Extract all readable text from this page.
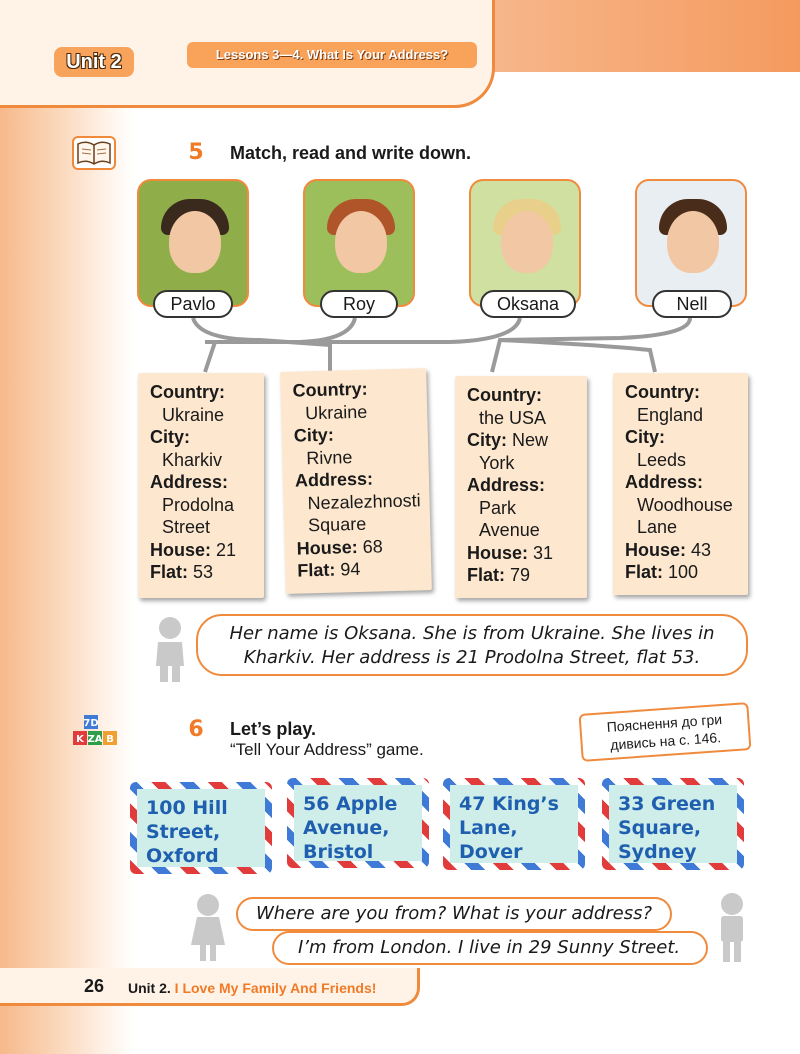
Unit 2	Lessons 3—4. What Is Your Address?
5 Match, read and write down.
Pavlo	Roy	Oksana	Nell
Country:
Ukraine
City:
Kharkiv
Address:
Prodolna
Street
House: 21
Flat: 53
Country:
Ukraine
City:
Rivne
Address:
Nezalezhnosti
Square
House: 68
Flat: 94
Country:
the USA
City: New
York
Address:
Park
Avenue
House: 31
Flat: 79
Country:
England
City:
Leeds
Address:
Woodhouse
Lane
House: 43
Flat: 100
Her name is Oksana. She is from Ukraine. She lives in
Kharkiv. Her address is 21 Prodolna Street, flat 53.
7D
K ZA B	6 Let’s play.
“Tell Your Address” game.
Пояснення до гри
дивись на с. 146.
100 Hill
Street,
Oxford
56 Apple
Avenue,
Bristol
47 King’s
Lane,
Dover
33 Green
Square,
Sydney
Where are you from? What is your address?
I’m from London. I live in 29 Sunny Street.
26 Unit 2. I Love My Family And Friends!
